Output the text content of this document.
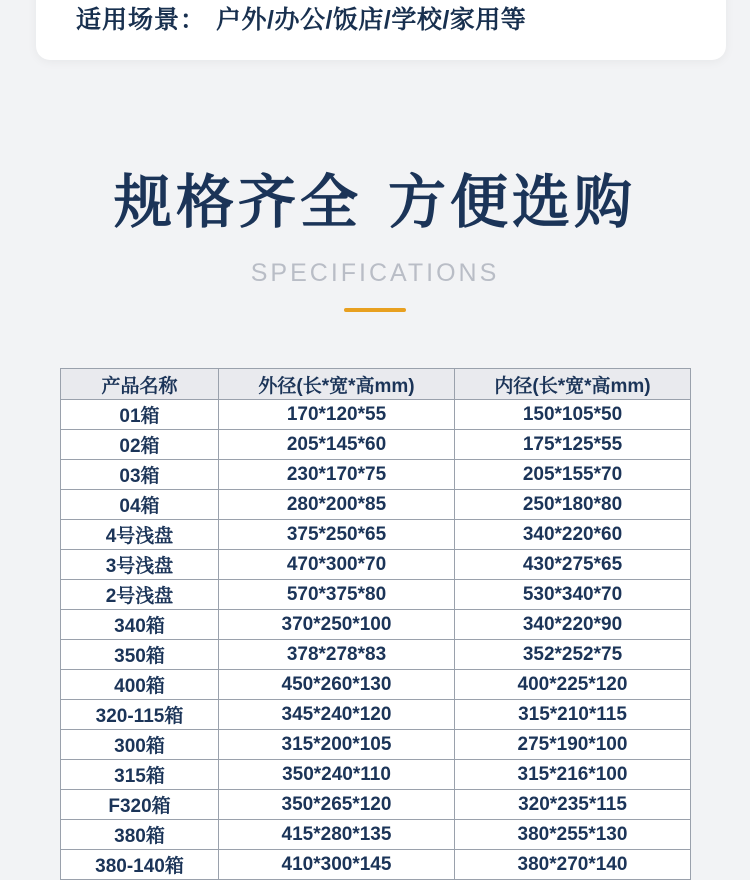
适用场景： 户外/办公/饭店/学校/家用等
规格齐全 方便选购
SPECIFICATIONS
产品名称	外径(长*宽*高mm)	内径(长*宽*高mm)
01箱	170*120*55	150*105*50
02箱	205*145*60	175*125*55
03箱	230*170*75	205*155*70
04箱	280*200*85	250*180*80
4号浅盘	375*250*65	340*220*60
3号浅盘	470*300*70	430*275*65
2号浅盘	570*375*80	530*340*70
340箱	370*250*100	340*220*90
350箱	378*278*83	352*252*75
400箱	450*260*130	400*225*120
320-115箱	345*240*120	315*210*115
300箱	315*200*105	275*190*100
315箱	350*240*110	315*216*100
F320箱	350*265*120	320*235*115
380箱	415*280*135	380*255*130
380-140箱	410*300*145	380*270*140
